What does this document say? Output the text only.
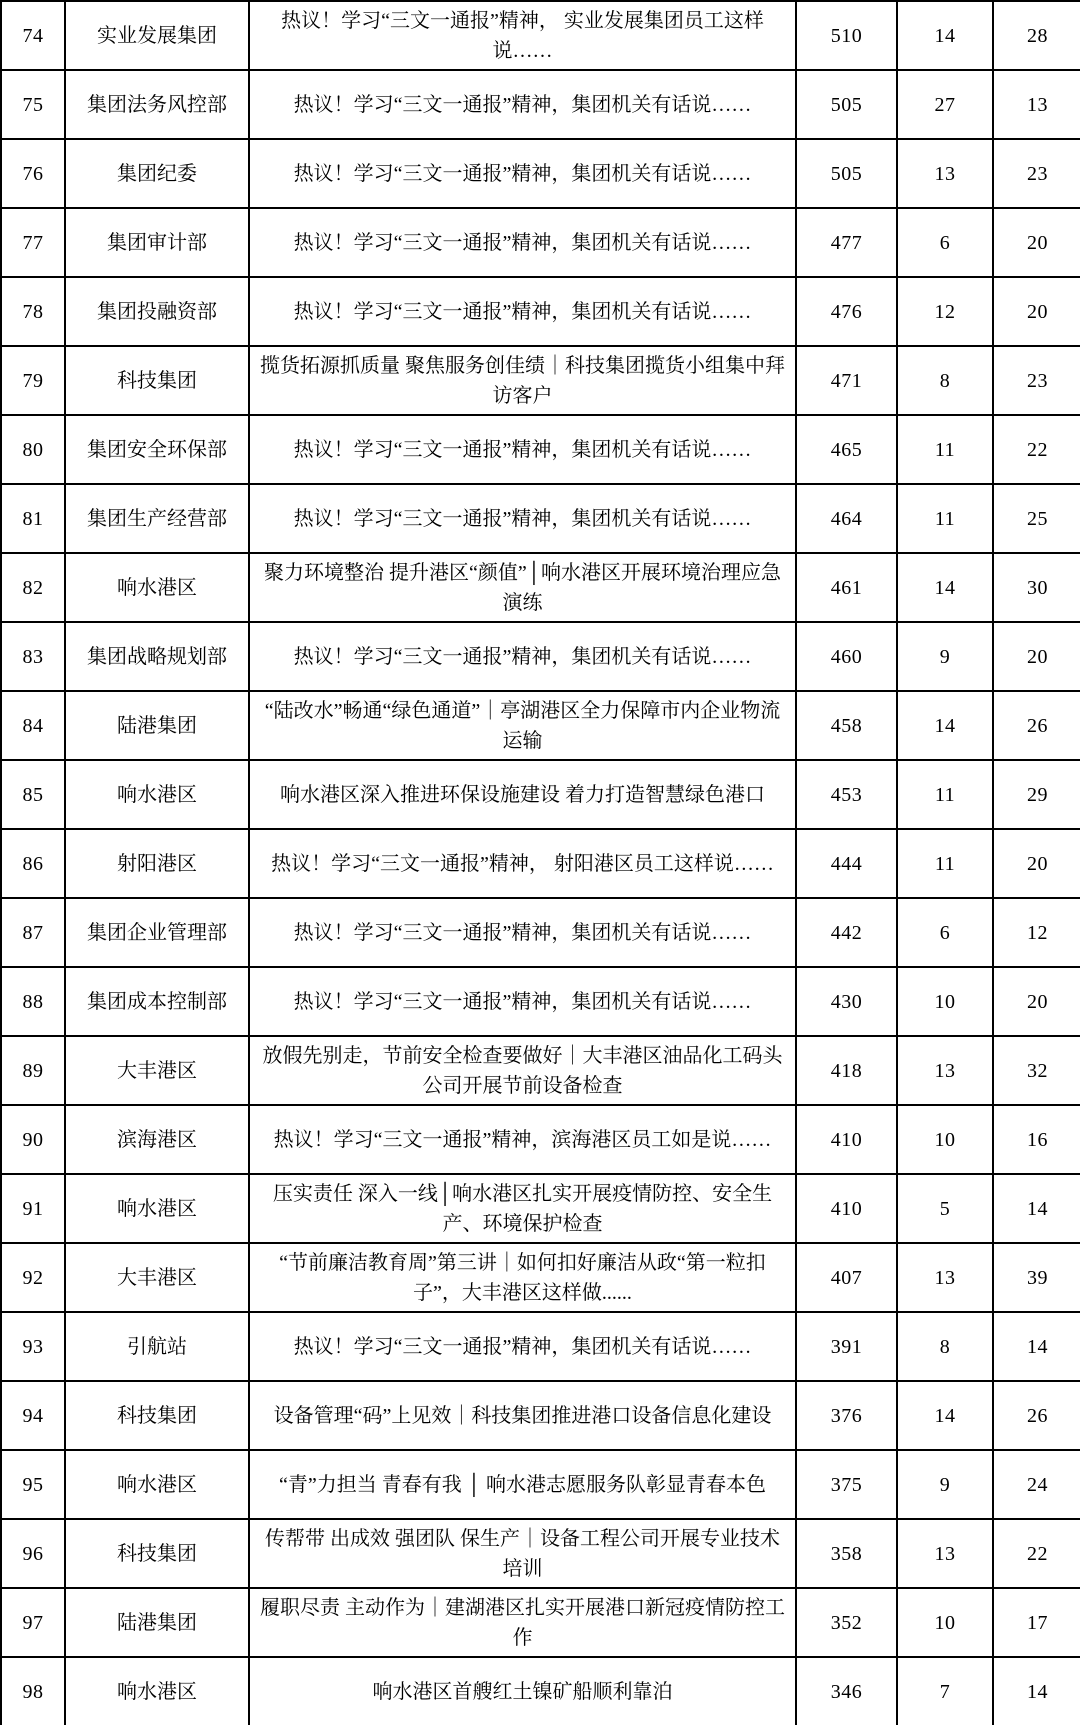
74	实业发展集团	热议！学习“三文一通报”精神， 实业发展集团员工这样说……	510	14	28
75	集团法务风控部	热议！学习“三文一通报”精神，集团机关有话说……	505	27	13
76	集团纪委	热议！学习“三文一通报”精神，集团机关有话说……	505	13	23
77	集团审计部	热议！学习“三文一通报”精神，集团机关有话说……	477	6	20
78	集团投融资部	热议！学习“三文一通报”精神，集团机关有话说……	476	12	20
79	科技集团	揽货拓源抓质量 聚焦服务创佳绩｜科技集团揽货小组集中拜访客户	471	8	23
80	集团安全环保部	热议！学习“三文一通报”精神，集团机关有话说……	465	11	22
81	集团生产经营部	热议！学习“三文一通报”精神，集团机关有话说……	464	11	25
82	响水港区	聚力环境整治 提升港区“颜值”│响水港区开展环境治理应急演练	461	14	30
83	集团战略规划部	热议！学习“三文一通报”精神，集团机关有话说……	460	9	20
84	陆港集团	“陆改水”畅通“绿色通道”｜亭湖港区全力保障市内企业物流运输	458	14	26
85	响水港区	响水港区深入推进环保设施建设 着力打造智慧绿色港口	453	11	29
86	射阳港区	热议！学习“三文一通报”精神， 射阳港区员工这样说……	444	11	20
87	集团企业管理部	热议！学习“三文一通报”精神，集团机关有话说……	442	6	12
88	集团成本控制部	热议！学习“三文一通报”精神，集团机关有话说……	430	10	20
89	大丰港区	放假先别走，节前安全检查要做好｜大丰港区油品化工码头公司开展节前设备检查	418	13	32
90	滨海港区	热议！学习“三文一通报”精神，滨海港区员工如是说……	410	10	16
91	响水港区	压实责任 深入一线│响水港区扎实开展疫情防控、安全生产、环境保护检查	410	5	14
92	大丰港区	“节前廉洁教育周”第三讲｜如何扣好廉洁从政“第一粒扣子”，大丰港区这样做......	407	13	39
93	引航站	热议！学习“三文一通报”精神，集团机关有话说……	391	8	14
94	科技集团	设备管理“码”上见效｜科技集团推进港口设备信息化建设	376	14	26
95	响水港区	“青”力担当 青春有我 │ 响水港志愿服务队彰显青春本色	375	9	24
96	科技集团	传帮带 出成效 强团队 保生产｜设备工程公司开展专业技术培训	358	13	22
97	陆港集团	履职尽责 主动作为｜建湖港区扎实开展港口新冠疫情防控工作	352	10	17
98	响水港区	响水港区首艘红土镍矿船顺利靠泊	346	7	14
